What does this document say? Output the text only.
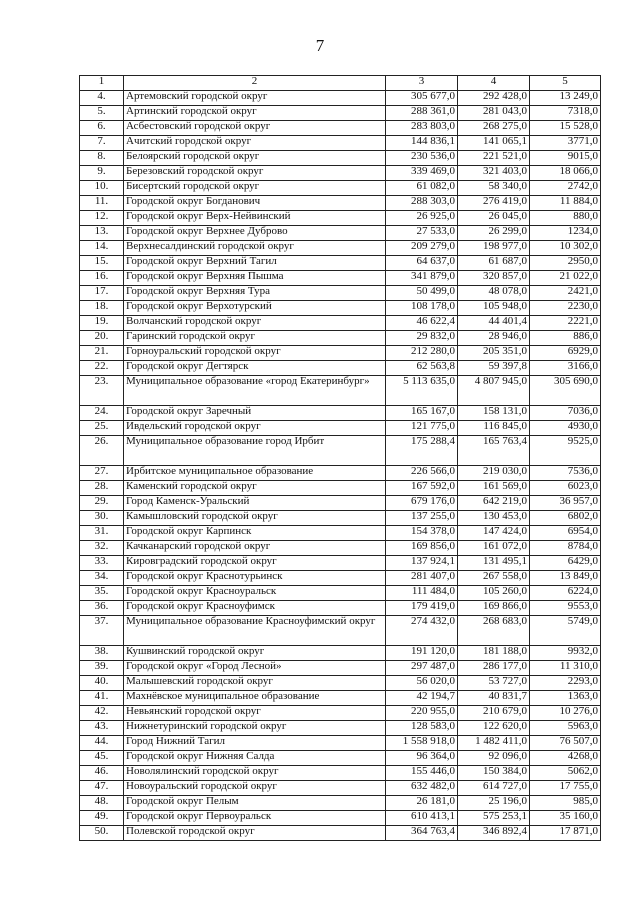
7
1	2	3	4	5
4.	Артемовский городской округ	305 677,0	292 428,0	13 249,0
5.	Артинский городской округ	288 361,0	281 043,0	7318,0
6.	Асбестовский городской округ	283 803,0	268 275,0	15 528,0
7.	Ачитский городской округ	144 836,1	141 065,1	3771,0
8.	Белоярский городской округ	230 536,0	221 521,0	9015,0
9.	Березовский городской округ	339 469,0	321 403,0	18 066,0
10.	Бисертский городской округ	61 082,0	58 340,0	2742,0
11.	Городской округ Богданович	288 303,0	276 419,0	11 884,0
12.	Городской округ Верх-Нейвинский	26 925,0	26 045,0	880,0
13.	Городской округ Верхнее Дуброво	27 533,0	26 299,0	1234,0
14.	Верхнесалдинский городской округ	209 279,0	198 977,0	10 302,0
15.	Городской округ Верхний Тагил	64 637,0	61 687,0	2950,0
16.	Городской округ Верхняя Пышма	341 879,0	320 857,0	21 022,0
17.	Городской округ Верхняя Тура	50 499,0	48 078,0	2421,0
18.	Городской округ Верхотурский	108 178,0	105 948,0	2230,0
19.	Волчанский городской округ	46 622,4	44 401,4	2221,0
20.	Гаринский городской округ	29 832,0	28 946,0	886,0
21.	Горноуральский городской округ	212 280,0	205 351,0	6929,0
22.	Городской округ Дегтярск	62 563,8	59 397,8	3166,0
23.	Муниципальное образование «город Екатеринбург»	5 113 635,0	4 807 945,0	305 690,0
24.	Городской округ Заречный	165 167,0	158 131,0	7036,0
25.	Ивдельский городской округ	121 775,0	116 845,0	4930,0
26.	Муниципальное образование город Ирбит	175 288,4	165 763,4	9525,0
27.	Ирбитское муниципальное образование	226 566,0	219 030,0	7536,0
28.	Каменский городской округ	167 592,0	161 569,0	6023,0
29.	Город Каменск-Уральский	679 176,0	642 219,0	36 957,0
30.	Камышловский городской округ	137 255,0	130 453,0	6802,0
31.	Городской округ Карпинск	154 378,0	147 424,0	6954,0
32.	Качканарский городской округ	169 856,0	161 072,0	8784,0
33.	Кировградский городской округ	137 924,1	131 495,1	6429,0
34.	Городской округ Краснотурьинск	281 407,0	267 558,0	13 849,0
35.	Городской округ Красноуральск	111 484,0	105 260,0	6224,0
36.	Городской округ Красноуфимск	179 419,0	169 866,0	9553,0
37.	Муниципальное образование Красноуфимский округ	274 432,0	268 683,0	5749,0
38.	Кушвинский городской округ	191 120,0	181 188,0	9932,0
39.	Городской округ «Город Лесной»	297 487,0	286 177,0	11 310,0
40.	Малышевский городской округ	56 020,0	53 727,0	2293,0
41.	Махнёвское муниципальное образование	42 194,7	40 831,7	1363,0
42.	Невьянский городской округ	220 955,0	210 679,0	10 276,0
43.	Нижнетуринский городской округ	128 583,0	122 620,0	5963,0
44.	Город Нижний Тагил	1 558 918,0	1 482 411,0	76 507,0
45.	Городской округ Нижняя Салда	96 364,0	92 096,0	4268,0
46.	Новолялинский городской округ	155 446,0	150 384,0	5062,0
47.	Новоуральский городской округ	632 482,0	614 727,0	17 755,0
48.	Городской округ Пелым	26 181,0	25 196,0	985,0
49.	Городской округ Первоуральск	610 413,1	575 253,1	35 160,0
50.	Полевской городской округ	364 763,4	346 892,4	17 871,0
